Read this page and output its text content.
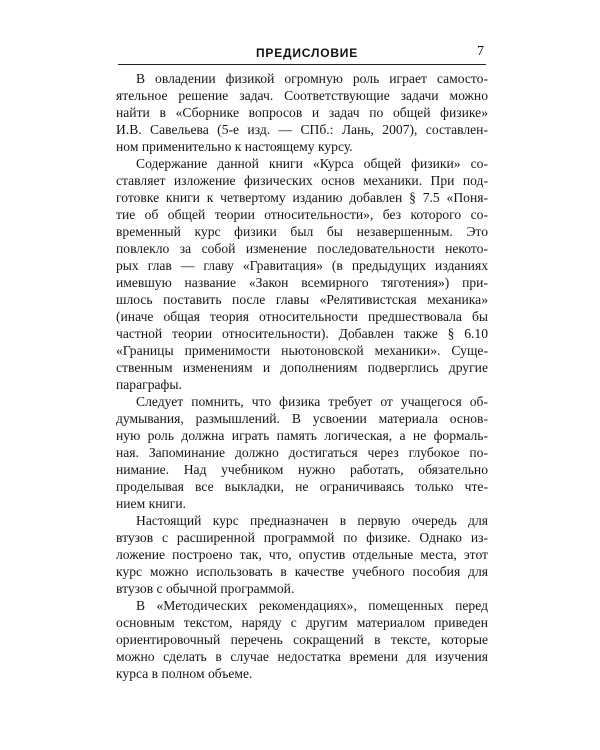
ПРЕДИСЛОВИЕ	7

В овладении физикой огромную роль играет самосто-
ятельное решение задач. Соответствующие задачи можно
найти в «Сборнике вопросов и задач по общей физике»
И.В. Савельева (5-е изд. — СПб.: Лань, 2007), составлен-
ном применительно к настоящему курсу.

Содержание данной книги «Курса общей физики» со-
ставляет изложение физических основ механики. При под-
готовке книги к четвертому изданию добавлен § 7.5 «Поня-
тие об общей теории относительности», без которого со-
временный курс физики был бы незавершенным. Это
повлекло за собой изменение последовательности некото-
рых глав — главу «Гравитация» (в предыдущих изданиях
имевшую название «Закон всемирного тяготения») при-
шлось поставить после главы «Релятивистская механика»
(иначе общая теория относительности предшествовала бы
частной теории относительности). Добавлен также § 6.10
«Границы применимости ньютоновской механики». Суще-
ственным изменениям и дополнениям подверглись другие
параграфы.

Следует помнить, что физика требует от учащегося об-
думывания, размышлений. В усвоении материала основ-
ную роль должна играть память логическая, а не формаль-
ная. Запоминание должно достигаться через глубокое по-
нимание. Над учебником нужно работать, обязательно
проделывая все выкладки, не ограничиваясь только чте-
нием книги.

Настоящий курс предназначен в первую очередь для
втузов с расширенной программой по физике. Однако из-
ложение построено так, что, опустив отдельные места, этот
курс можно использовать в качестве учебного пособия для
втузов с обычной программой.

В «Методических рекомендациях», помещенных перед
основным текстом, наряду с другим материалом приведен
ориентировочный перечень сокращений в тексте, которые
можно сделать в случае недостатка времени для изучения
курса в полном объеме.
